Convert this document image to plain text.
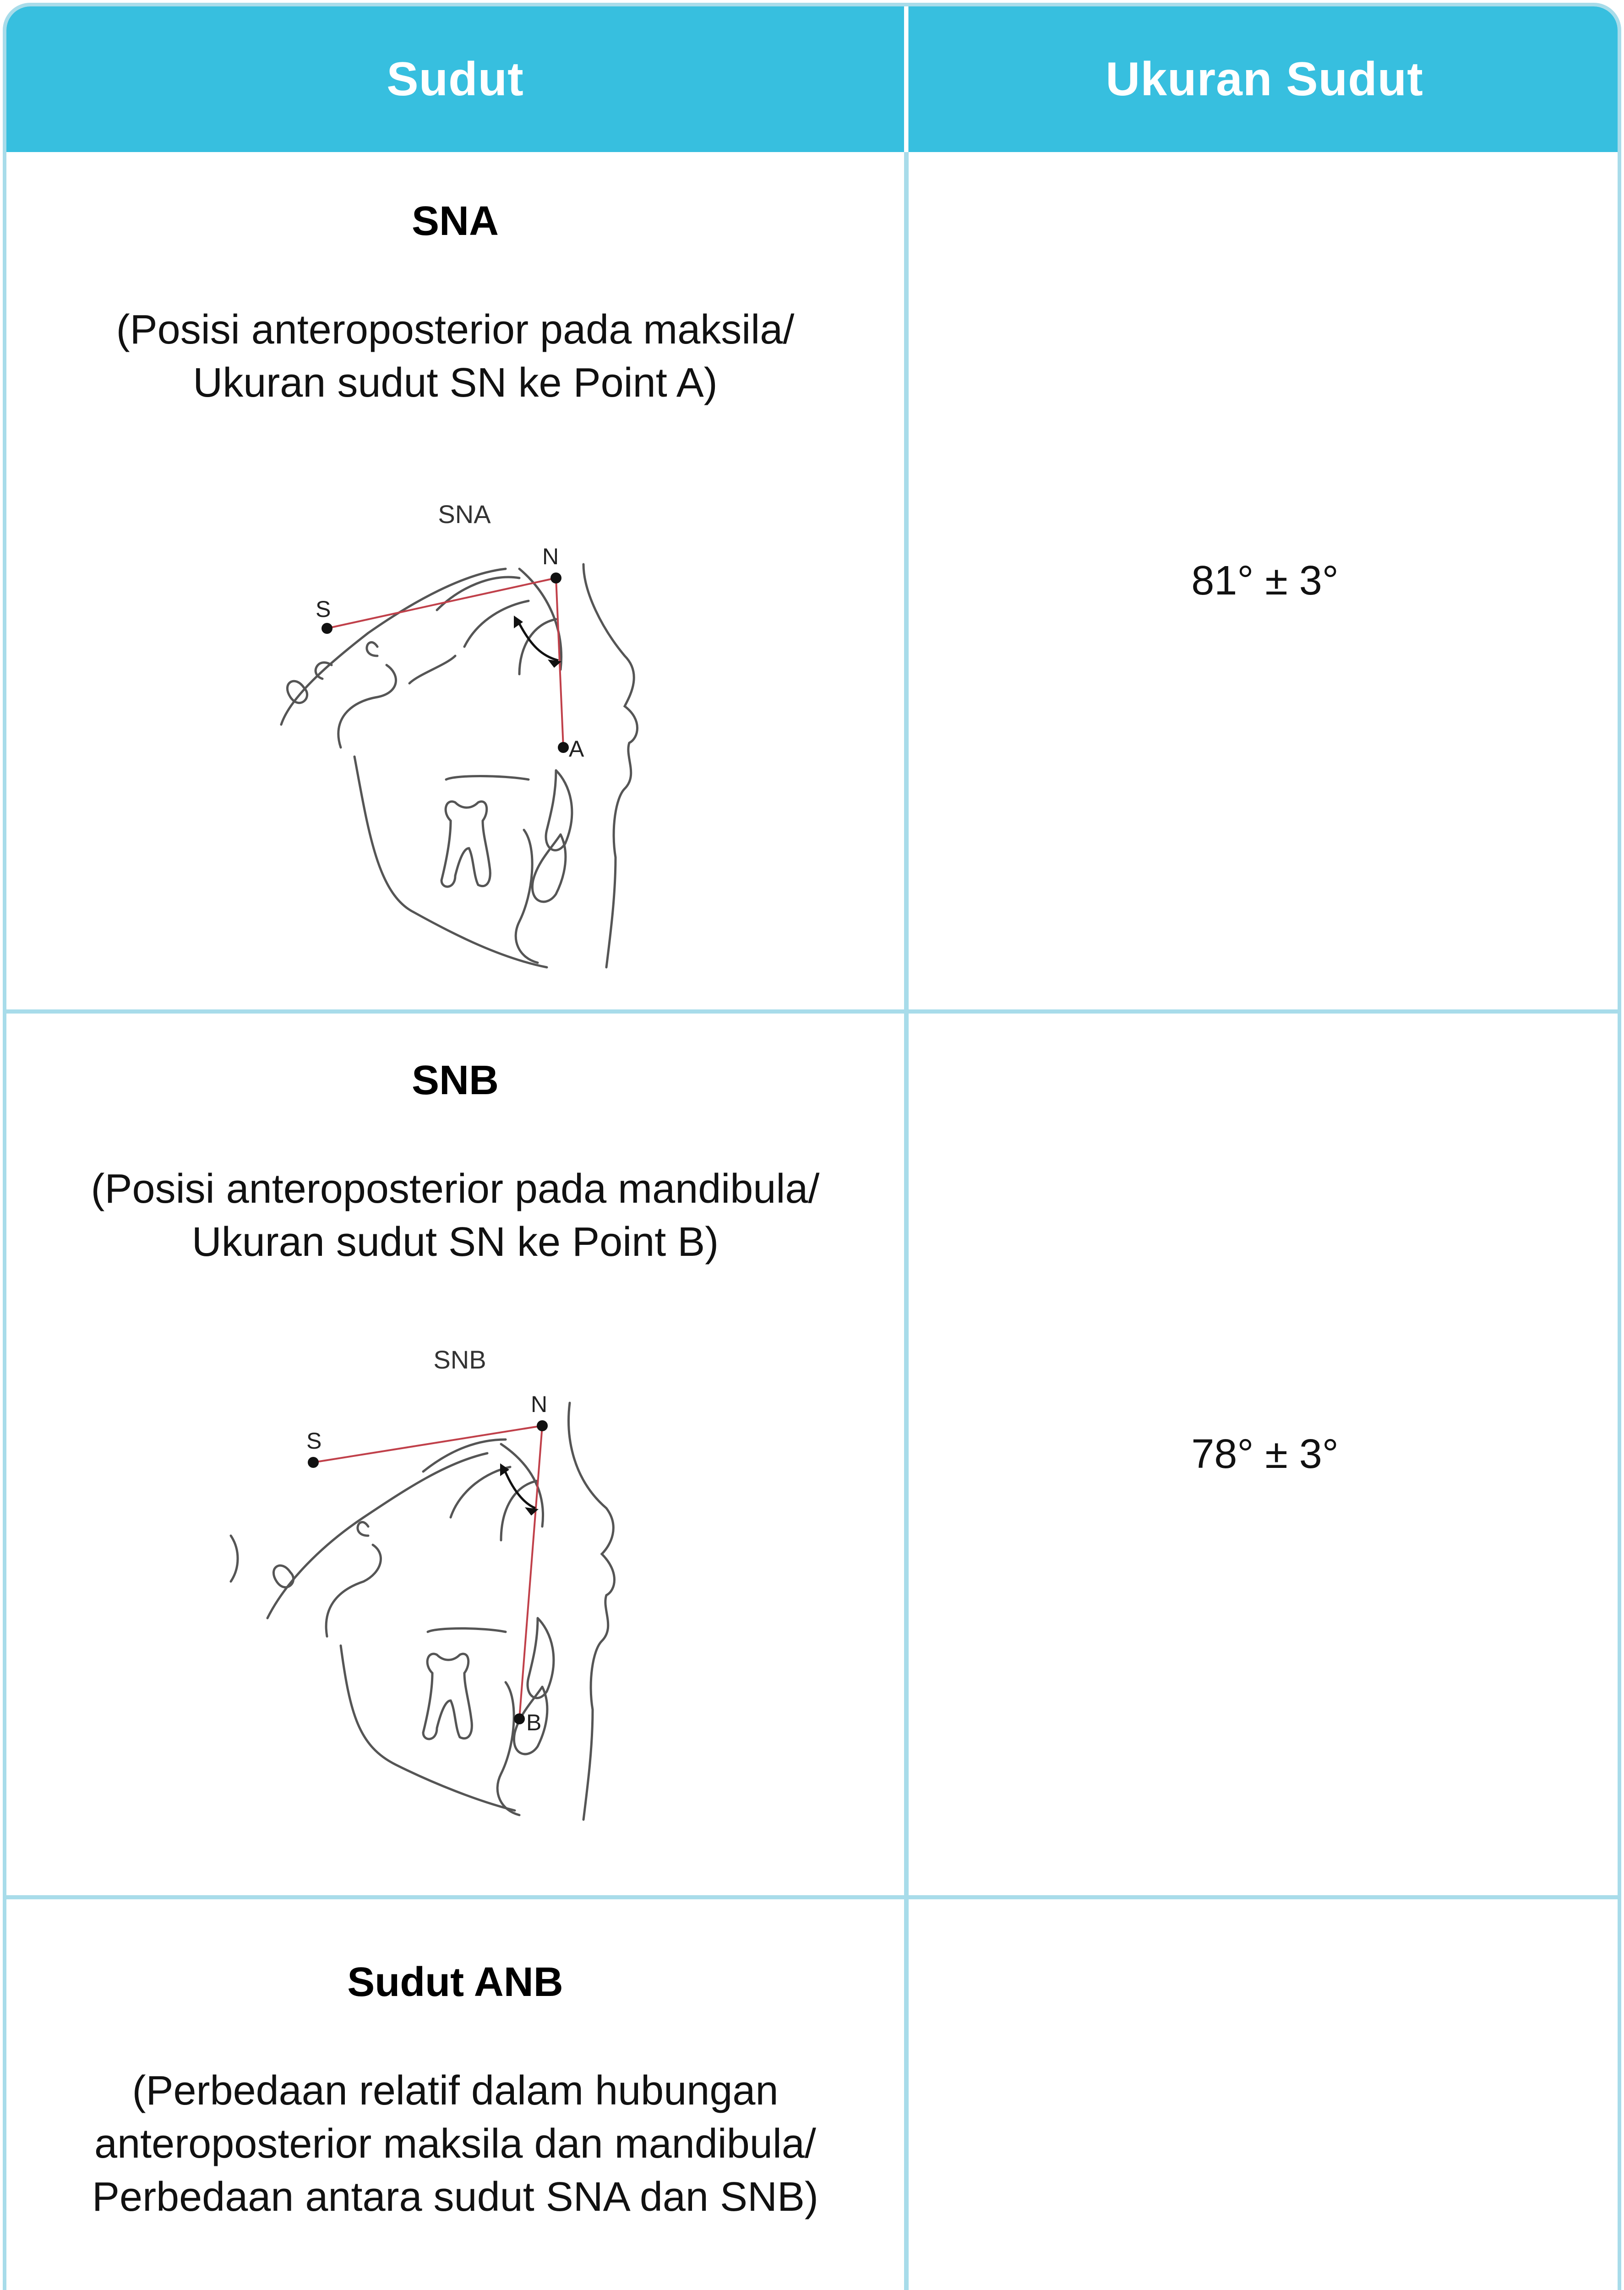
Sudut	Ukuran Sudut
SNA
(Posisi anteroposterior pada maksila/
Ukuran sudut SN ke Point A)
SNA
S
N
A
81° ± 3°
SNB
(Posisi anteroposterior pada mandibula/
Ukuran sudut SN ke Point B)
SNB
S
N
B
78° ± 3°
Sudut ANB
(Perbedaan relatif dalam hubungan
anteroposterior maksila dan mandibula/
Perbedaan antara sudut SNA dan SNB)
